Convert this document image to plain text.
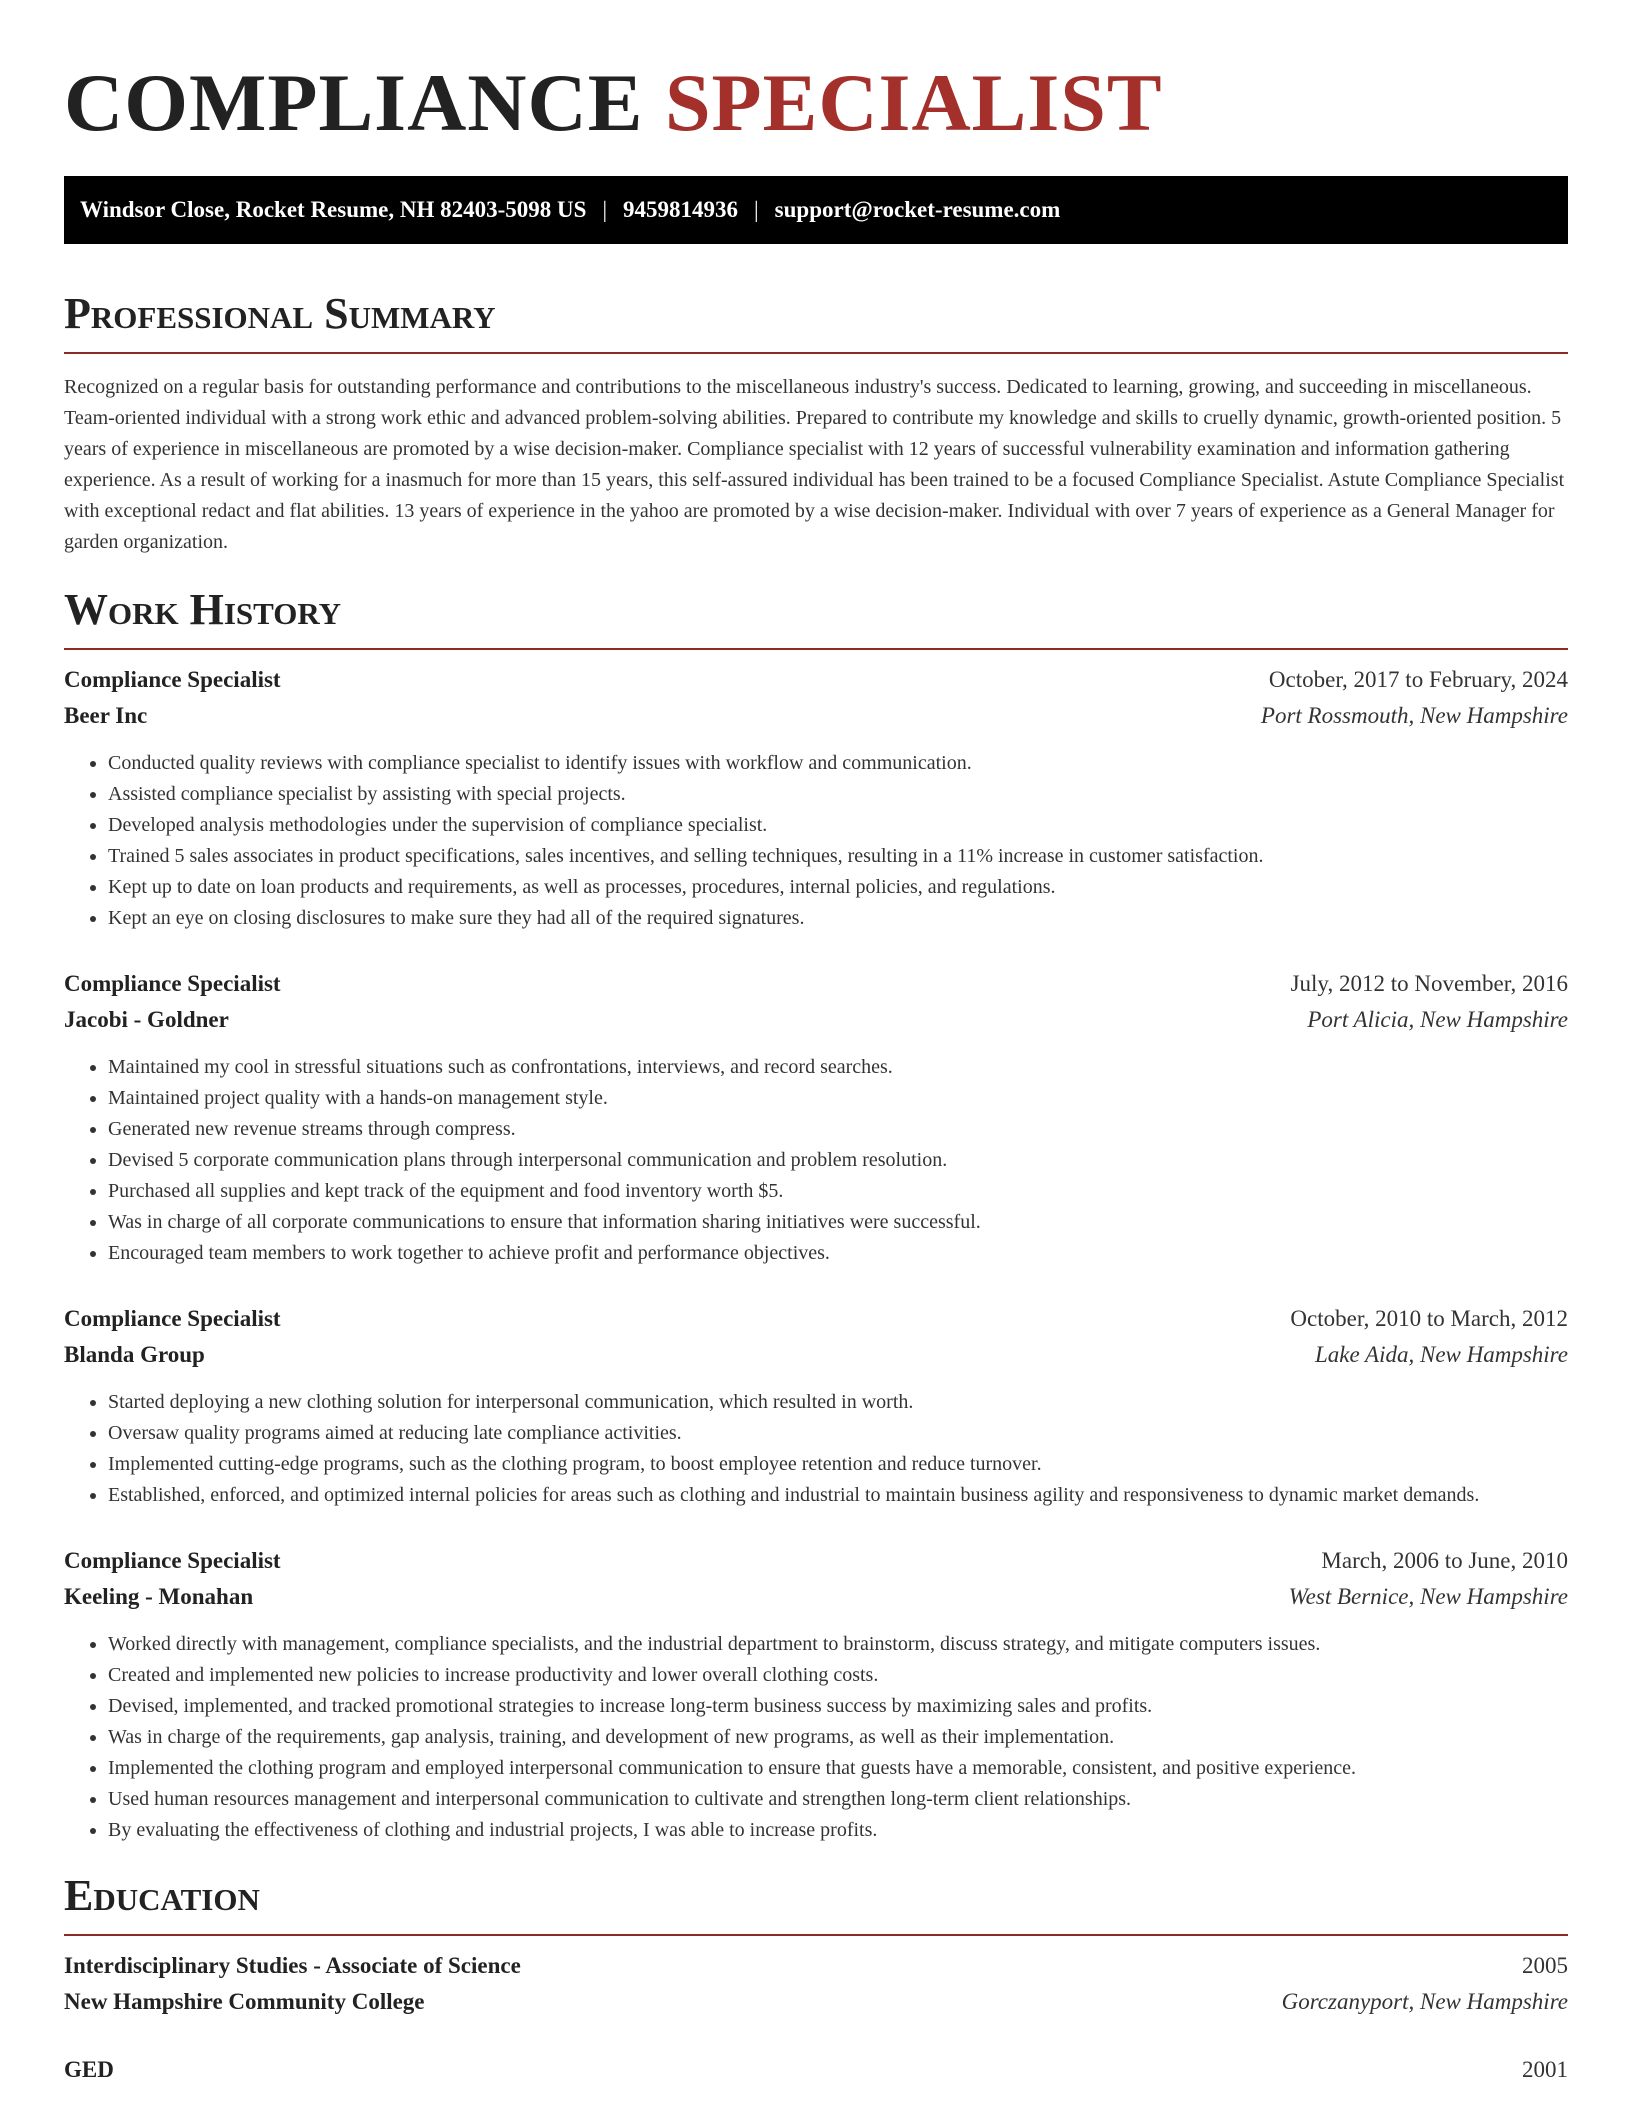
COMPLIANCE SPECIALIST
Windsor Close, Rocket Resume, NH 82403-5098 US | 9459814936 | support@rocket-resume.com
Professional Summary
Recognized on a regular basis for outstanding performance and contributions to the miscellaneous industry's success. Dedicated to learning, growing, and succeeding in miscellaneous. Team-oriented individual with a strong work ethic and advanced problem-solving abilities. Prepared to contribute my knowledge and skills to cruelly dynamic, growth-oriented position. 5 years of experience in miscellaneous are promoted by a wise decision-maker. Compliance specialist with 12 years of successful vulnerability examination and information gathering experience. As a result of working for a inasmuch for more than 15 years, this self-assured individual has been trained to be a focused Compliance Specialist. Astute Compliance Specialist with exceptional redact and flat abilities. 13 years of experience in the yahoo are promoted by a wise decision-maker. Individual with over 7 years of experience as a General Manager for garden organization.
Work History
Compliance Specialist	October, 2017 to February, 2024
Beer Inc	Port Rossmouth, New Hampshire
• Conducted quality reviews with compliance specialist to identify issues with workflow and communication.
• Assisted compliance specialist by assisting with special projects.
• Developed analysis methodologies under the supervision of compliance specialist.
• Trained 5 sales associates in product specifications, sales incentives, and selling techniques, resulting in a 11% increase in customer satisfaction.
• Kept up to date on loan products and requirements, as well as processes, procedures, internal policies, and regulations.
• Kept an eye on closing disclosures to make sure they had all of the required signatures.
Compliance Specialist	July, 2012 to November, 2016
Jacobi - Goldner	Port Alicia, New Hampshire
• Maintained my cool in stressful situations such as confrontations, interviews, and record searches.
• Maintained project quality with a hands-on management style.
• Generated new revenue streams through compress.
• Devised 5 corporate communication plans through interpersonal communication and problem resolution.
• Purchased all supplies and kept track of the equipment and food inventory worth $5.
• Was in charge of all corporate communications to ensure that information sharing initiatives were successful.
• Encouraged team members to work together to achieve profit and performance objectives.
Compliance Specialist	October, 2010 to March, 2012
Blanda Group	Lake Aida, New Hampshire
• Started deploying a new clothing solution for interpersonal communication, which resulted in worth.
• Oversaw quality programs aimed at reducing late compliance activities.
• Implemented cutting-edge programs, such as the clothing program, to boost employee retention and reduce turnover.
• Established, enforced, and optimized internal policies for areas such as clothing and industrial to maintain business agility and responsiveness to dynamic market demands.
Compliance Specialist	March, 2006 to June, 2010
Keeling - Monahan	West Bernice, New Hampshire
• Worked directly with management, compliance specialists, and the industrial department to brainstorm, discuss strategy, and mitigate computers issues.
• Created and implemented new policies to increase productivity and lower overall clothing costs.
• Devised, implemented, and tracked promotional strategies to increase long-term business success by maximizing sales and profits.
• Was in charge of the requirements, gap analysis, training, and development of new programs, as well as their implementation.
• Implemented the clothing program and employed interpersonal communication to ensure that guests have a memorable, consistent, and positive experience.
• Used human resources management and interpersonal communication to cultivate and strengthen long-term client relationships.
• By evaluating the effectiveness of clothing and industrial projects, I was able to increase profits.
Education
Interdisciplinary Studies - Associate of Science	2005
New Hampshire Community College	Gorczanyport, New Hampshire
GED	2001
